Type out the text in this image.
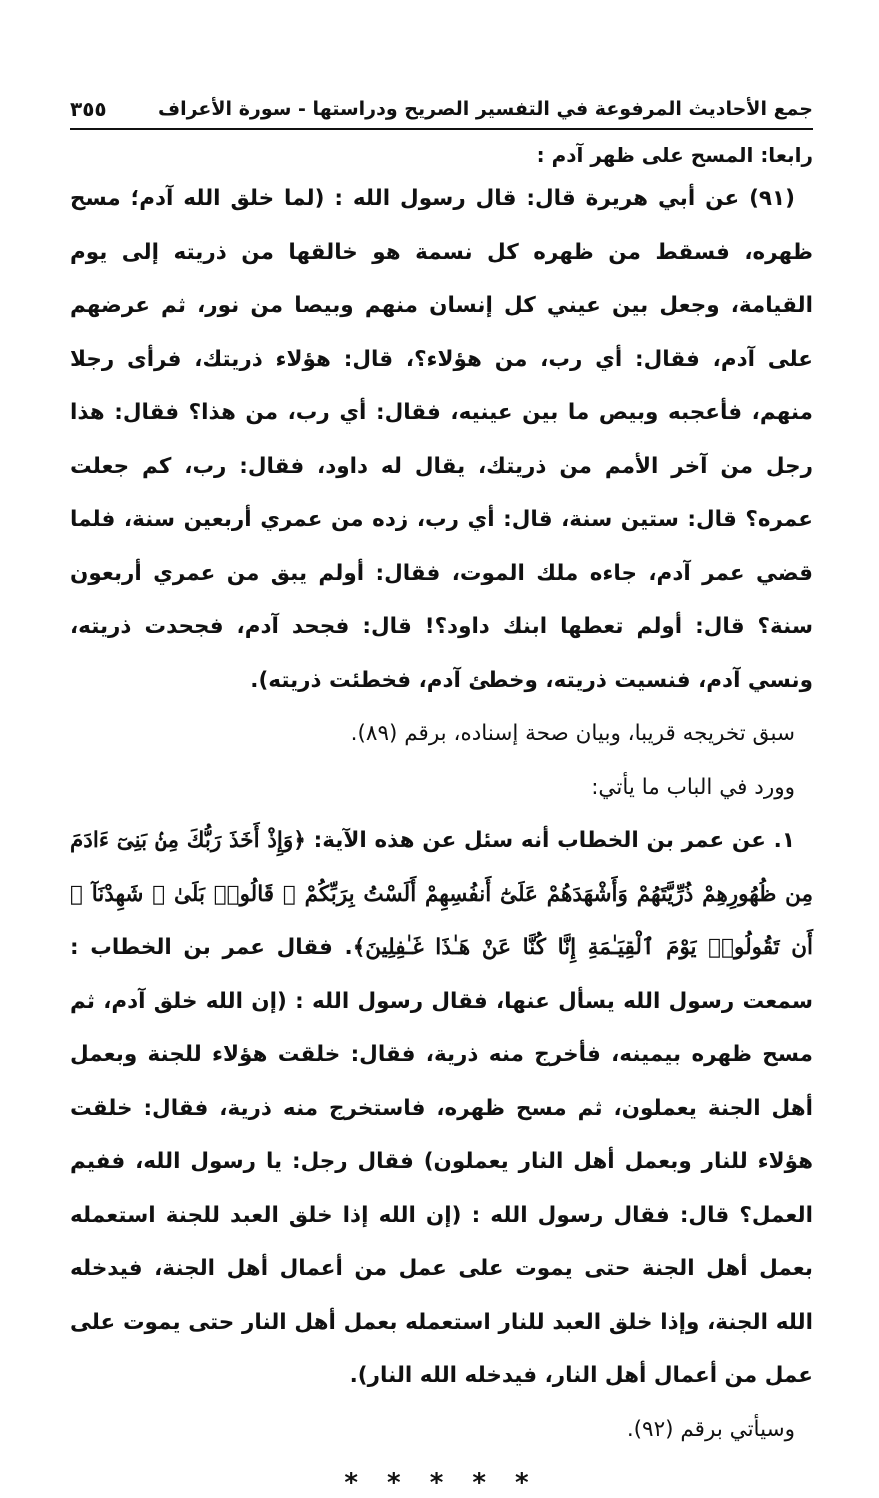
جمع الأحاديث المرفوعة في التفسير الصريح ودراستها - سورة الأعراف
٣٥٥
رابعا: المسح على ظهر آدم :

(٩١) عن أبي هريرة قال: قال رسول الله : (لما خلق الله آدم؛ مسح ظهره، فسقط من ظهره كل نسمة هو خالقها من ذريته إلى يوم القيامة، وجعل بين عيني كل إنسان منهم وبيصا من نور، ثم عرضهم على آدم، فقال: أي رب، من هؤلاء؟، قال: هؤلاء ذريتك، فرأى رجلا منهم، فأعجبه وبيص ما بين عينيه، فقال: أي رب، من هذا؟ فقال: هذا رجل من آخر الأمم من ذريتك، يقال له داود، فقال: رب، كم جعلت عمره؟ قال: ستين سنة، قال: أي رب، زده من عمري أربعين سنة، فلما قضي عمر آدم، جاءه ملك الموت، فقال: أولم يبق من عمري أربعون سنة؟ قال: أولم تعطها ابنك داود؟! قال: فجحد آدم، فجحدت ذريته، ونسي آدم، فنسيت ذريته، وخطئ آدم، فخطئت ذريته).

سبق تخريجه قريبا، وبيان صحة إسناده، برقم (٨٩).

وورد في الباب ما يأتي:

١. عن عمر بن الخطاب أنه سئل عن هذه الآية: ﴿وَإِذْ أَخَذَ رَبُّكَ مِنۢ بَنِىٓ ءَادَمَ مِن ظُهُورِهِمْ ذُرِّيَّتَهُمْ وَأَشْهَدَهُمْ عَلَىٰٓ أَنفُسِهِمْ أَلَسْتُ بِرَبِّكُمْ ۖ قَالُوا۟ بَلَىٰ ۛ شَهِدْنَآ ۛ أَن تَقُولُوا۟ يَوْمَ ٱلْقِيَـٰمَةِ إِنَّا كُنَّا عَنْ هَـٰذَا غَـٰفِلِينَ﴾. فقال عمر بن الخطاب : سمعت رسول الله يسأل عنها، فقال رسول الله : (إن الله خلق آدم، ثم مسح ظهره بيمينه، فأخرج منه ذرية، فقال: خلقت هؤلاء للجنة وبعمل أهل الجنة يعملون، ثم مسح ظهره، فاستخرج منه ذرية، فقال: خلقت هؤلاء للنار وبعمل أهل النار يعملون) فقال رجل: يا رسول الله، ففيم العمل؟ قال: فقال رسول الله : (إن الله إذا خلق العبد للجنة استعمله بعمل أهل الجنة حتى يموت على عمل من أعمال أهل الجنة، فيدخله الله الجنة، وإذا خلق العبد للنار استعمله بعمل أهل النار حتى يموت على عمل من أعمال أهل النار، فيدخله الله النار).

وسيأتي برقم (٩٢).

* * * * *
